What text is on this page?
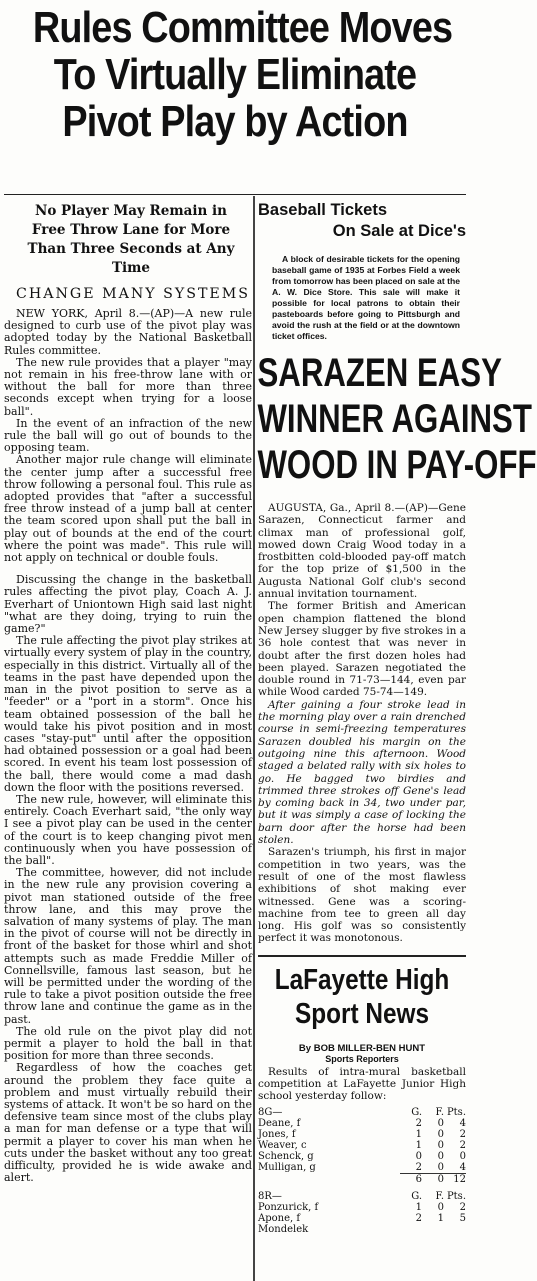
Rules Committee Moves
To Virtually Eliminate
Pivot Play by Action
No Player May Remain in Free Throw Lane for More Than Three Seconds at Any Time
CHANGE MANY SYSTEMS

NEW YORK, April 8.—(AP)—A new rule designed to curb use of the pivot play was adopted today by the National Basketball Rules committee.

The new rule provides that a player "may not remain in his free-throw lane with or without the ball for more than three seconds except when trying for a loose ball".

In the event of an infraction of the new rule the ball will go out of bounds to the opposing team.

Another major rule change will eliminate the center jump after a successful free throw following a personal foul. This rule as adopted provides that "after a successful free throw instead of a jump ball at center the team scored upon shall put the ball in play out of bounds at the end of the court where the point was made". This rule will not apply on technical or double fouls.

Discussing the change in the basketball rules affecting the pivot play, Coach A. J. Everhart of Uniontown High said last night "what are they doing, trying to ruin the game?"

The rule affecting the pivot play strikes at virtually every system of play in the country, especially in this district. Virtually all of the teams in the past have depended upon the man in the pivot position to serve as a "feeder" or a "port in a storm". Once his team obtained possession of the ball he would take his pivot position and in most cases "stay-put" until after the opposition had obtained possession or a goal had been scored. In event his team lost possession of the ball, there would come a mad dash down the floor with the positions reversed.

The new rule, however, will eliminate this entirely. Coach Everhart said, "the only way I see a pivot play can be used in the center of the court is to keep changing pivot men continuously when you have possession of the ball".

The committee, however, did not include in the new rule any provision covering a pivot man stationed outside of the free throw lane, and this may prove the salvation of many systems of play. The man in the pivot of course will not be directly in front of the basket for those whirl and shot attempts such as made Freddie Miller of Connellsville, famous last season, but he will be permitted under the wording of the rule to take a pivot position outside the free throw lane and continue the game as in the past.

The old rule on the pivot play did not permit a player to hold the ball in that position for more than three seconds.

Regardless of how the coaches get around the problem they face quite a problem and must virtually rebuild their systems of attack. It won't be so hard on the defensive team since most of the clubs play a man for man defense or a type that will permit a player to cover his man when he cuts under the basket without any too great difficulty, provided he is wide awake and alert.

Baseball Tickets
On Sale at Dice's
A block of desirable tickets for the opening baseball game of 1935 at Forbes Field a week from tomorrow has been placed on sale at the A. W. Dice Store. This sale will make it possible for local patrons to obtain their pasteboards before going to Pittsburgh and avoid the rush at the field or at the downtown ticket offices.
SARAZEN EASY
WINNER AGAINST
WOOD IN PAY-OFF

AUGUSTA, Ga., April 8.—(AP)—Gene Sarazen, Connecticut farmer and climax man of professional golf, mowed down Craig Wood today in a frostbitten cold-blooded pay-off match for the top prize of $1,500 in the Augusta National Golf club's second annual invitation tournament.

The former British and American open champion flattened the blond New Jersey slugger by five strokes in a 36 hole contest that was never in doubt after the first dozen holes had been played. Sarazen negotiated the double round in 71-73—144, even par while Wood carded 75-74—149.

After gaining a four stroke lead in the morning play over a rain drenched course in semi-freezing temperatures Sarazen doubled his margin on the outgoing nine this afternoon. Wood staged a belated rally with six holes to go. He bagged two birdies and trimmed three strokes off Gene's lead by coming back in 34, two under par, but it was simply a case of locking the barn door after the horse had been stolen.

Sarazen's triumph, his first in major competition in two years, was the result of one of the most flawless exhibitions of shot making ever witnessed. Gene was a scoring-machine from tee to green all day long. His golf was so consistently perfect it was monotonous.

LaFayette High
Sport News
By BOB MILLER-BEN HUNT
Sports Reporters

Results of intra-mural basketball competition at LaFayette Junior High school yesterday follow:

8G—	G.	F.	Pts.
Deane, f	2	0	4
Jones, f	1	0	2
Weaver, c	1	0	2
Schenck, g	0	0	0
Mulligan, g	2	0	4
	6	0	12
8R—	G.	F.	Pts.
Ponzurick, f	1	0	2
Apone, f	2	1	5
Mondelek			
